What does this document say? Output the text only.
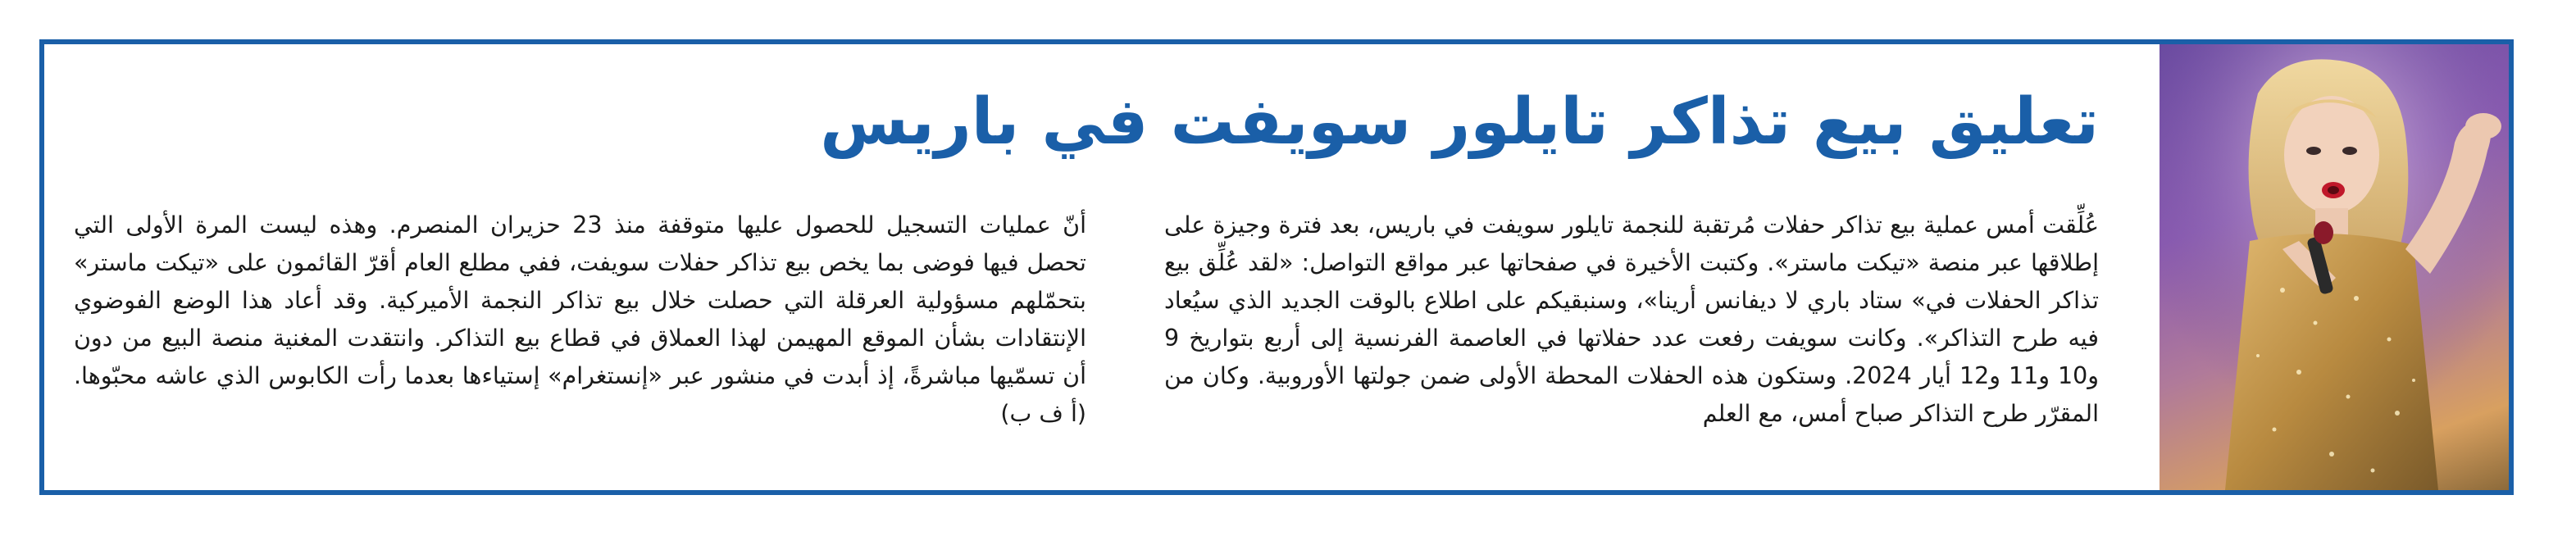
تعليق بيع تذاكر تايلور سويفت في باريس

عُلِّقت أمس عملية بيع تذاكر حفلات مُرتقبة للنجمة تايلور سويفت في باريس، بعد فترة وجيزة على إطلاقها عبر منصة «تيكت ماستر». وكتبت الأخيرة في صفحاتها عبر مواقع التواصل: «لقد عُلِّق بيع تذاكر الحفلات في» ستاد باري لا ديفانس أرينا»، وسنبقيكم على اطلاع بالوقت الجديد الذي سيُعاد فيه طرح التذاكر». وكانت سويفت رفعت عدد حفلاتها في العاصمة الفرنسية إلى أربع بتواريخ 9 و10 و11 و12 أيار 2024. وستكون هذه الحفلات المحطة الأولى ضمن جولتها الأوروبية. وكان من المقرّر طرح التذاكر صباح أمس، مع العلم

أنّ عمليات التسجيل للحصول عليها متوقفة منذ 23 حزيران المنصرم. وهذه ليست المرة الأولى التي تحصل فيها فوضى بما يخص بيع تذاكر حفلات سويفت، ففي مطلع العام أقرّ القائمون على «تيكت ماستر» بتحمّلهم مسؤولية العرقلة التي حصلت خلال بيع تذاكر النجمة الأميركية. وقد أعاد هذا الوضع الفوضوي الإنتقادات بشأن الموقع المهيمن لهذا العملاق في قطاع بيع التذاكر. وانتقدت المغنية منصة البيع من دون أن تسمّيها مباشرةً، إذ أبدت في منشور عبر «إنستغرام» إستياءها بعدما رأت الكابوس الذي عاشه محبّوها. (أ ف ب)
